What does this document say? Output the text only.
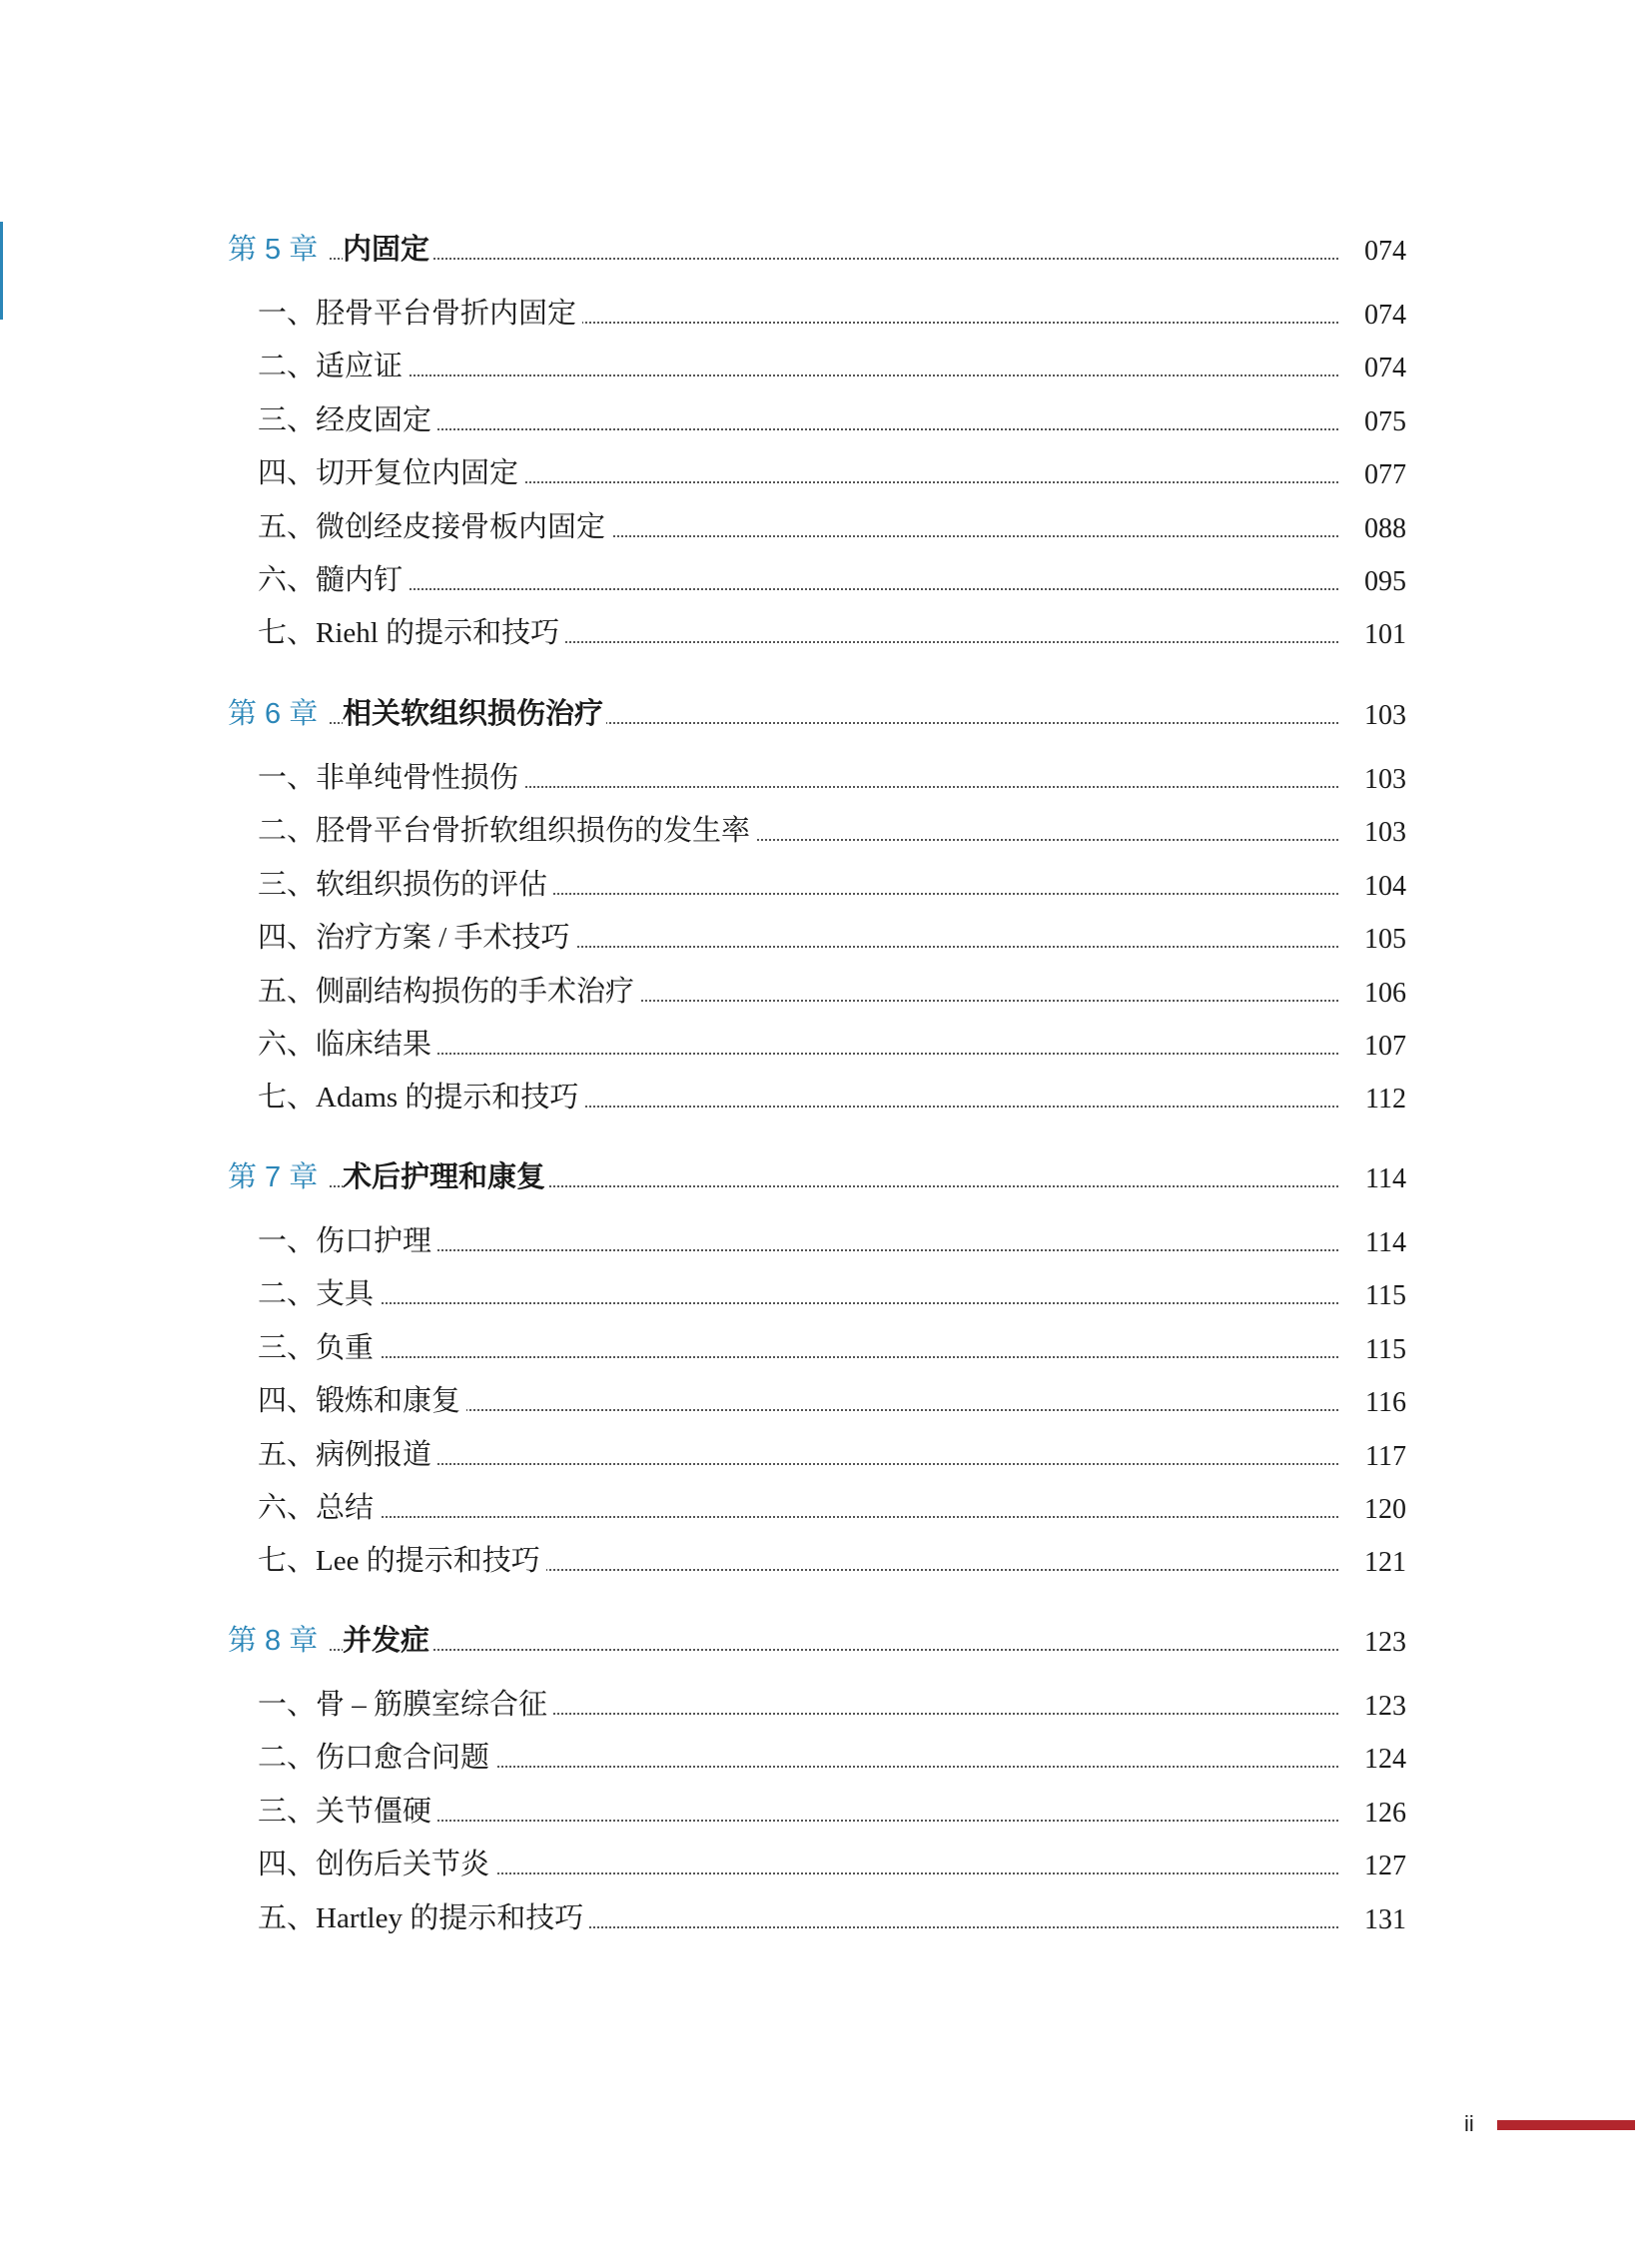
第 5 章 内固定	074
一、胫骨平台骨折内固定	074
二、适应证	074
三、经皮固定	075
四、切开复位内固定	077
五、微创经皮接骨板内固定	088
六、髓内钉	095
七、Riehl 的提示和技巧	101
第 6 章 相关软组织损伤治疗	103
一、非单纯骨性损伤	103
二、胫骨平台骨折软组织损伤的发生率	103
三、软组织损伤的评估	104
四、治疗方案 / 手术技巧	105
五、侧副结构损伤的手术治疗	106
六、临床结果	107
七、Adams 的提示和技巧	112
第 7 章 术后护理和康复	114
一、伤口护理	114
二、支具	115
三、负重	115
四、锻炼和康复	116
五、病例报道	117
六、总结	120
七、Lee 的提示和技巧	121
第 8 章 并发症	123
一、骨 – 筋膜室综合征	123
二、伤口愈合问题	124
三、关节僵硬	126
四、创伤后关节炎	127
五、Hartley 的提示和技巧	131
ii
